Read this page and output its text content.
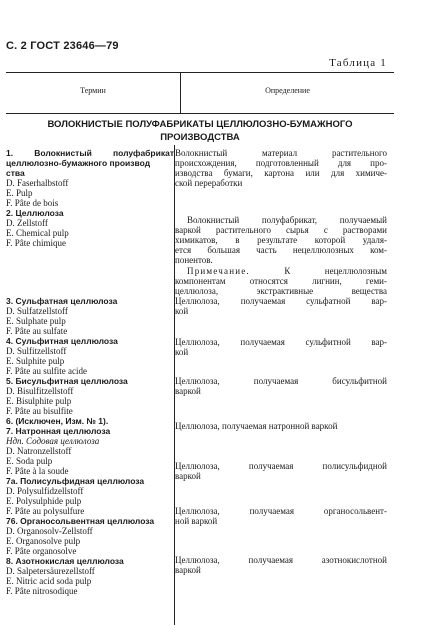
С. 2 ГОСТ 23646—79
Таблица 1
Термин	Определение
ВОЛОКНИСТЫЕ ПОЛУФАБРИКАТЫ ЦЕЛЛЮЛОЗНО-БУМАЖНОГО
ПРОИЗВОДСТВА
1. Волокнистый полуфабрикат
целлюлозно-бумажного производ
ства
D. Faserhalbstoff
E. Pulp
F. Pâte de bois
2. Целлюлоза
D. Zellstoff
E. Chemical pulp
F. Pâte chimique
3. Сульфатная целлюлоза
D. Sulfatzellstoff
E. Sulphate pulp
F. Pâte au sulfate
4. Сульфитная целлюлоза
D. Sulfitzellstoff
E. Sulphite pulp
F. Pâte au sulfite acide
5. Бисульфитная целлюлоза
D. Bisulfitzellstoff
E. Bisulphite pulp
F. Pâte au bisulfite
6. (Исключен, Изм. № 1).
7. Натронная целлюлоза
Ндп. Содовая целлюлоза
D. Natronzellstoff
E. Soda pulp
F. Pâte à la soude
7a. Полисульфидная целлюлоза
D. Polysulfidzellstoff
E. Polysulphide pulp
F. Pâte au polysulfure
76. Органосольвентная целлюлоза
D. Organosolv-Zellstoff
E. Organosolve pulp
F. Pâte organosolve
8. Азотнокислая целлюлоза
D. Salpetersäurezellstoff
E. Nitric acid soda pulp
F. Pâte nitrosodique
Волокнистый материал растительного
происхождения, подготовленный для про-
изводства бумаги, картона или для химиче-
ской переработки
Волокнистый полуфабрикат, получаемый
варкой растительного сырья с растворами
химикатов, в результате которой удаля-
ется большая часть нецеллюлозных ком-
понентов.
Примечание. К нецеллюлозным
компонентам относятся лигнин, геми-
целлюлоза, экстрактивные вещества
Целлюлоза, получаемая сульфатной вар-
кой
Целлюлоза, получаемая сульфитной вар-
кой
Целлюлоза, получаемая бисульфитной
варкой
Целлюлоза, получаемая натронной варкой
Целлюлоза, получаемая полисульфидной
варкой
Целлюлоза, получаемая органосольвент-
ной варкой
Целлюлоза, получаемая азотнокислотной
варкой
